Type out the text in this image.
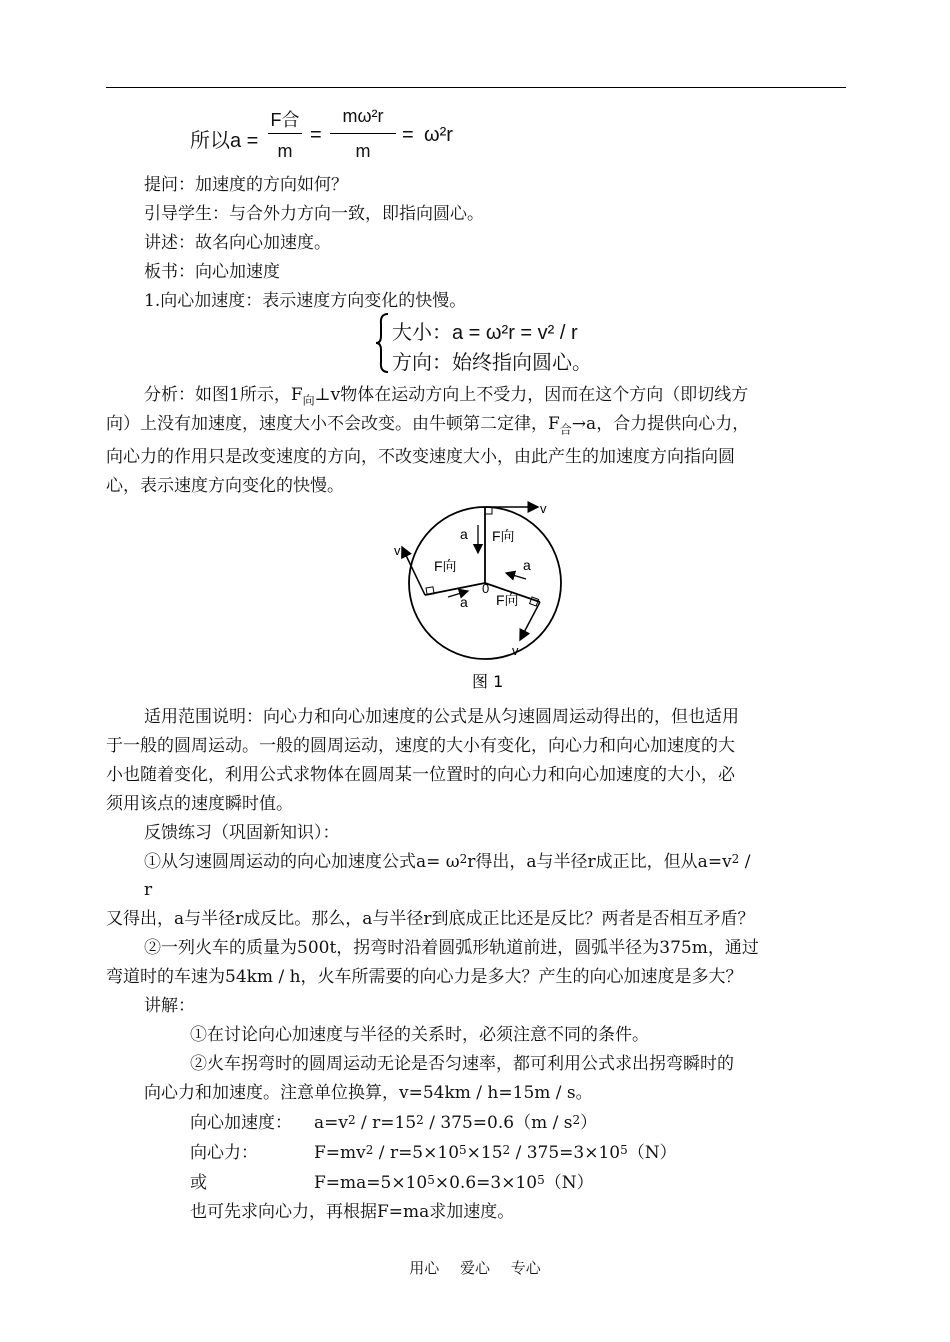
所以a =
F合
m
=
mω²r
m
= ω²r
提问：加速度的方向如何？
引导学生：与合外力方向一致，即指向圆心。
讲述：故名向心加速度。
板书：向心加速度
1.向心加速度：表示速度方向变化的快慢。
大小：a = ω²r = v² / r
方向：始终指向圆心。
分析：如图1所示，$F_向\perp v$物体在运动方向上不受力，因而在这个方向（即切线方
向）上没有加速度，速度大小不会改变。由牛顿第二定律，$F_合\to a$，合力提供向心力，
向心力的作用只是改变速度的方向，不改变速度大小，由此产生的加速度方向指向圆
心，表示速度方向变化的快慢。
v
v
v
a
a
a
F向
F向
F向
0
图 1
适用范围说明：向心力和向心加速度的公式是从匀速圆周运动得出的，但也适用
于一般的圆周运动。一般的圆周运动，速度的大小有变化，向心力和向心加速度的大
小也随着变化，利用公式求物体在圆周某一位置时的向心力和向心加速度的大小，必
须用该点的速度瞬时值。
反馈练习（巩固新知识）：
①从匀速圆周运动的向心加速度公式$a= \omega^2r$得出，a与半径r成正比，但从$a=v^2$ /
r
又得出，a与半径r成反比。那么，a与半径r到底成正比还是反比？两者是否相互矛盾？
②一列火车的质量为500t，拐弯时沿着圆弧形轨道前进，圆弧半径为375m，通过
弯道时的车速为54km / h，火车所需要的向心力是多大？产生的向心加速度是多大？
讲解：
①在讨论向心加速度与半径的关系时，必须注意不同的条件。
②火车拐弯时的圆周运动无论是否匀速率，都可利用公式求出拐弯瞬时的
向心力和加速度。注意单位换算，v=54km / h=15m / s。
向心加速度： $a=v^2 / r=15^2 / 375=0.6(m / s^2)$
向心力：	$F=mv^2 / r=5\times 10^5\times 15^2 / 375=3\times 10^5(N)$
或	$F=ma=5\times 10^5\times 0.6=3\times 10^5(N)$
也可先求向心力，再根据F=ma求加速度。
用心 爱心 专心
